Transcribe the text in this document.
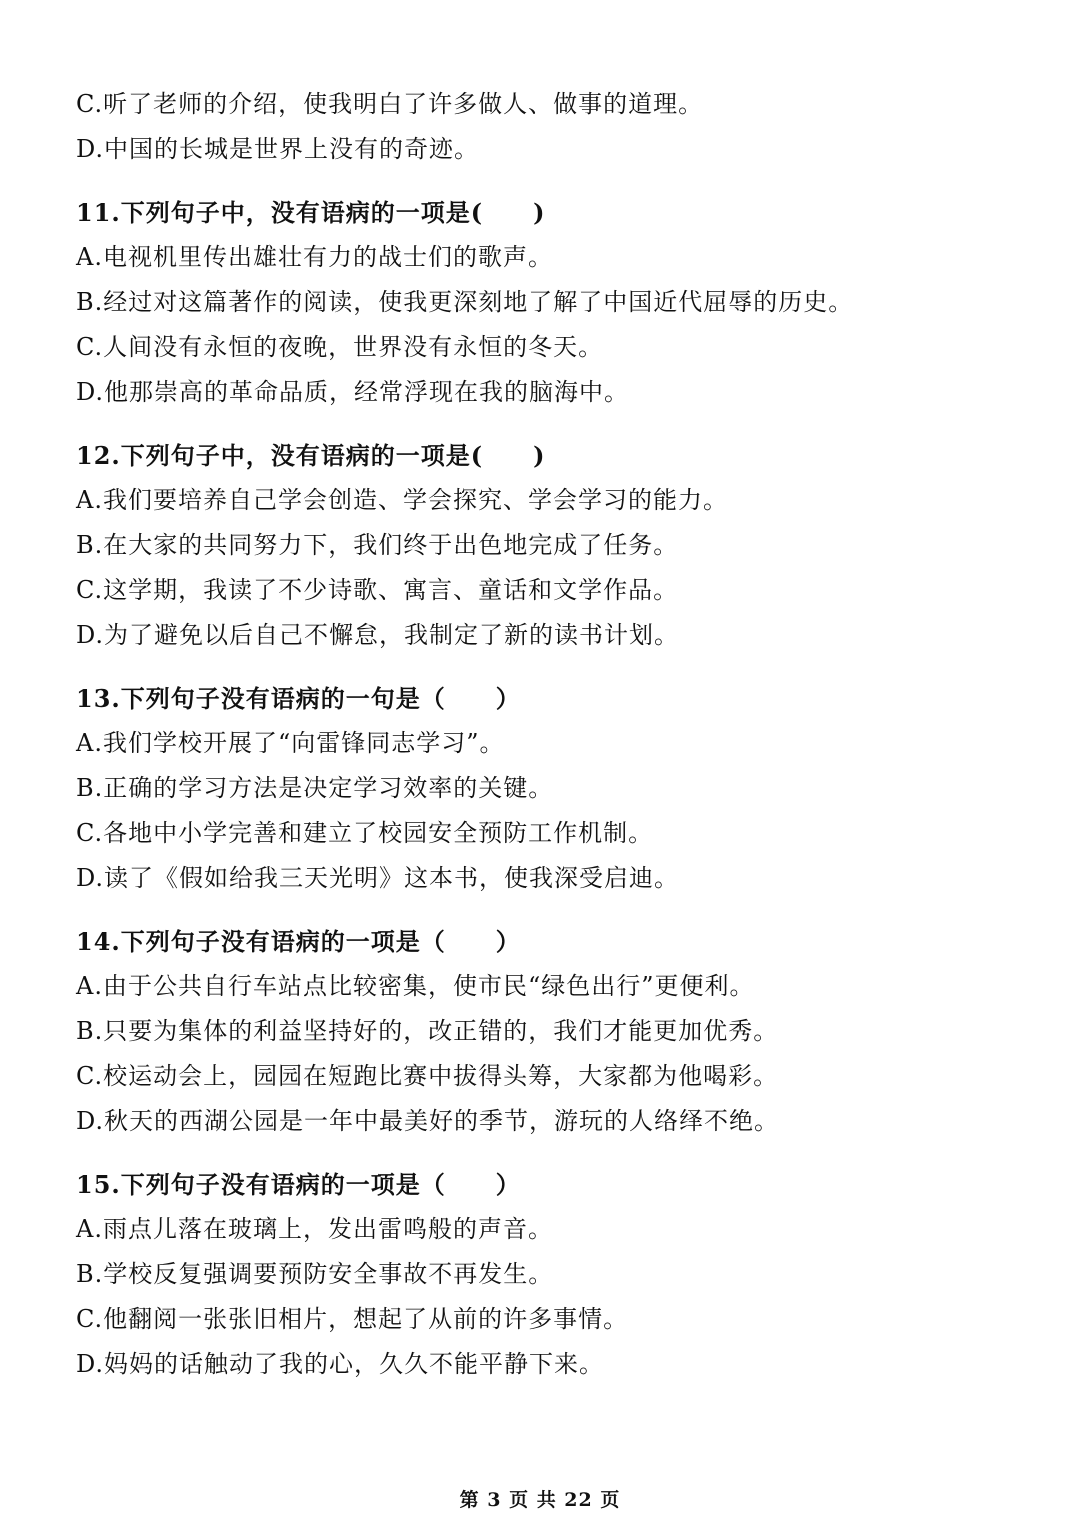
C.听了老师的介绍，使我明白了许多做人、做事的道理。
D.中国的长城是世界上没有的奇迹。
11.下列句子中，没有语病的一项是(　　)
A.电视机里传出雄壮有力的战士们的歌声。
B.经过对这篇著作的阅读，使我更深刻地了解了中国近代屈辱的历史。
C.人间没有永恒的夜晚，世界没有永恒的冬天。
D.他那崇高的革命品质，经常浮现在我的脑海中。
12.下列句子中，没有语病的一项是(　　)
A.我们要培养自己学会创造、学会探究、学会学习的能力。
B.在大家的共同努力下，我们终于出色地完成了任务。
C.这学期，我读了不少诗歌、寓言、童话和文学作品。
D.为了避免以后自己不懈怠，我制定了新的读书计划。
13.下列句子没有语病的一句是（　　）
A.我们学校开展了“向雷锋同志学习”。
B.正确的学习方法是决定学习效率的关键。
C.各地中小学完善和建立了校园安全预防工作机制。
D.读了《假如给我三天光明》这本书，使我深受启迪。
14.下列句子没有语病的一项是（　　）
A.由于公共自行车站点比较密集，使市民“绿色出行”更便利。
B.只要为集体的利益坚持好的，改正错的，我们才能更加优秀。
C.校运动会上，园园在短跑比赛中拔得头筹，大家都为他喝彩。
D.秋天的西湖公园是一年中最美好的季节，游玩的人络绎不绝。
15.下列句子没有语病的一项是（　　）
A.雨点儿落在玻璃上，发出雷鸣般的声音。
B.学校反复强调要预防安全事故不再发生。
C.他翻阅一张张旧相片，想起了从前的许多事情。
D.妈妈的话触动了我的心，久久不能平静下来。
第 3 页 共 22 页
